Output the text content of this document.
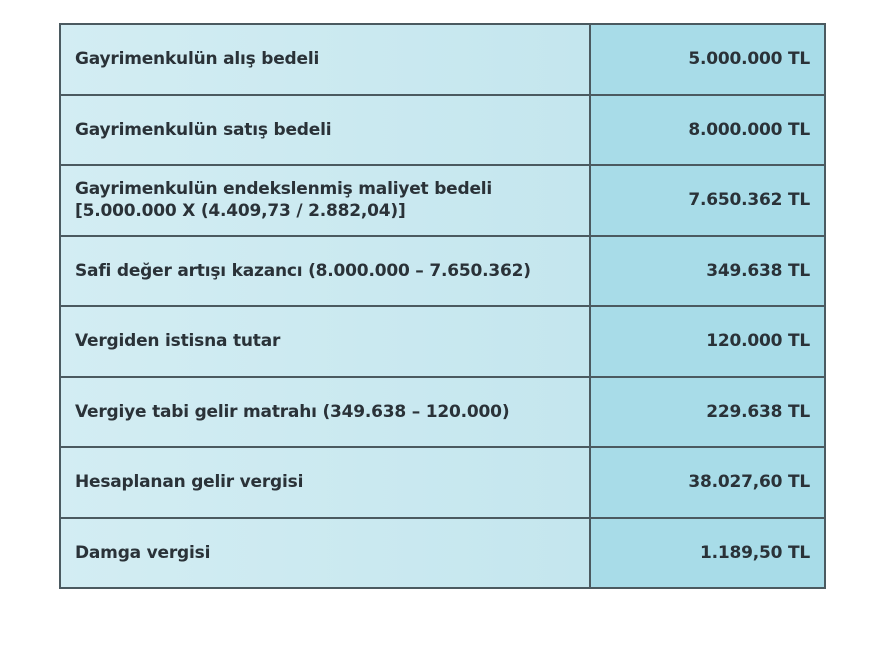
Gayrimenkulün alış bedeli	5.000.000 TL
Gayrimenkulün satış bedeli	8.000.000 TL

Gayrimenkulün endekslenmiş maliyet bedeli
[5.000.000 X (4.409,73 / 2.882,04)]	7.650.362 TL
Safi değer artışı kazancı (8.000.000 – 7.650.362)	349.638 TL
Vergiden istisna tutar	120.000 TL
Vergiye tabi gelir matrahı (349.638 – 120.000)	229.638 TL
Hesaplanan gelir vergisi	38.027,60 TL
Damga vergisi	1.189,50 TL
